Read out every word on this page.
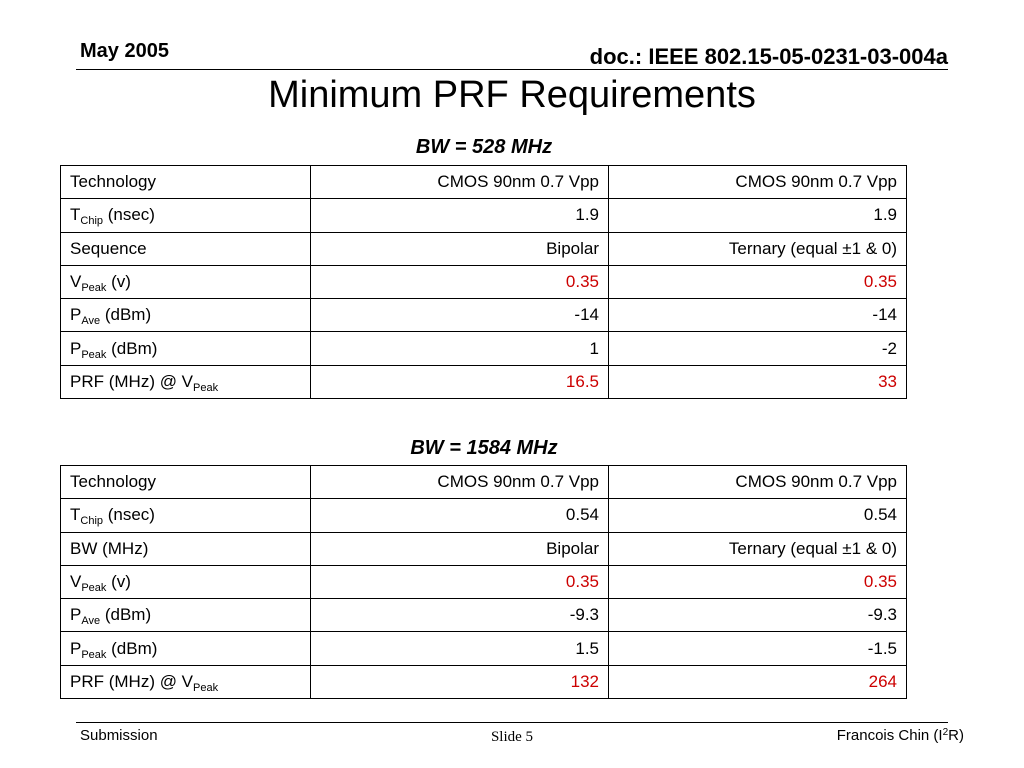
May 2005	doc.: IEEE 802.15-05-0231-03-004a
Minimum PRF Requirements
BW = 528 MHz
Technology	CMOS 90nm 0.7 Vpp	CMOS 90nm 0.7 Vpp
$T_{Chip}$ (nsec)	1.9	1.9
Sequence	Bipolar	Ternary (equal ±1 & 0)
$V_{Peak}$ (v)	0.35	0.35
$P_{Ave}$ (dBm)	-14	-14
$P_{Peak}$ (dBm)	1	-2
PRF (MHz) @ $V_{Peak}$	16.5	33
BW = 1584 MHz
Technology	CMOS 90nm 0.7 Vpp	CMOS 90nm 0.7 Vpp
$T_{Chip}$ (nsec)	0.54	0.54
BW (MHz)	Bipolar	Ternary (equal ±1 & 0)
$V_{Peak}$ (v)	0.35	0.35
$P_{Ave}$ (dBm)	-9.3	-9.3
$P_{Peak}$ (dBm)	1.5	-1.5
PRF (MHz) @ $V_{Peak}$	132	264
Submission	Slide 5	Francois Chin $(I^2R)$
